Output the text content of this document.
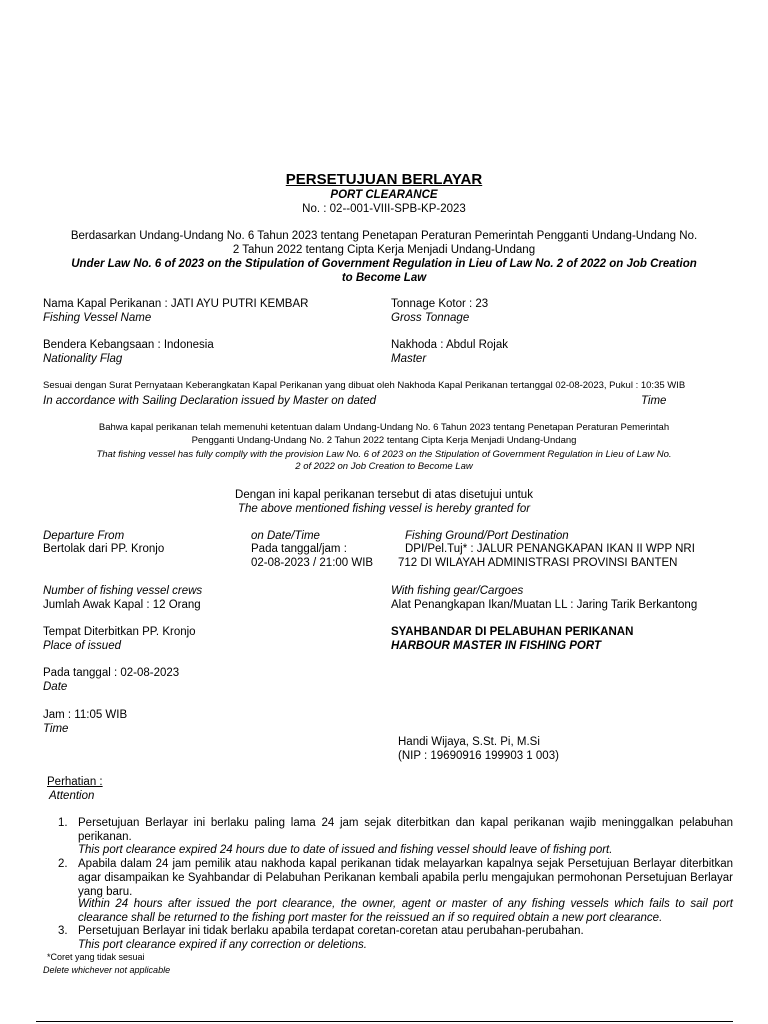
PERSETUJUAN BERLAYAR
PORT CLEARANCE
No. : 02--001-VIII-SPB-KP-2023
Berdasarkan Undang-Undang No. 6 Tahun 2023 tentang Penetapan Peraturan Pemerintah Pengganti Undang-Undang No.
2 Tahun 2022 tentang Cipta Kerja Menjadi Undang-Undang
Under Law No. 6 of 2023 on the Stipulation of Government Regulation in Lieu of Law No. 2 of 2022 on Job Creation
to Become Law
Nama Kapal Perikanan : JATI AYU PUTRI KEMBAR
Fishing Vessel Name
Tonnage Kotor : 23
Gross Tonnage
Bendera Kebangsaan : Indonesia
Nationality Flag
Nakhoda : Abdul Rojak
Master
Sesuai dengan Surat Pernyataan Keberangkatan Kapal Perikanan yang dibuat oleh Nakhoda Kapal Perikanan tertanggal 02-08-2023, Pukul : 10:35 WIB
In accordance with Sailing Declaration issued by Master on dated	Time
Bahwa kapal perikanan telah memenuhi ketentuan dalam Undang-Undang No. 6 Tahun 2023 tentang Penetapan Peraturan Pemerintah
Pengganti Undang-Undang No. 2 Tahun 2022 tentang Cipta Kerja Menjadi Undang-Undang
That fishing vessel has fully complly with the provision Law No. 6 of 2023 on the Stipulation of Government Regulation in Lieu of Law No.
2 of 2022 on Job Creation to Become Law
Dengan ini kapal perikanan tersebut di atas disetujui untuk
The above mentioned fishing vessel is hereby granted for
Departure From
Bertolak dari PP. Kronjo
on Date/Time
Pada tanggal/jam :
02-08-2023 / 21:00 WIB
Fishing Ground/Port Destination
DPI/Pel.Tuj* : JALUR PENANGKAPAN IKAN II WPP NRI
712 DI WILAYAH ADMINISTRASI PROVINSI BANTEN
Number of fishing vessel crews
Jumlah Awak Kapal : 12 Orang
With fishing gear/Cargoes
Alat Penangkapan Ikan/Muatan LL : Jaring Tarik Berkantong
Tempat Diterbitkan PP. Kronjo
Place of issued
SYAHBANDAR DI PELABUHAN PERIKANAN
HARBOUR MASTER IN FISHING PORT
Pada tanggal : 02-08-2023
Date
Jam : 11:05 WIB
Time
Handi Wijaya, S.St. Pi, M.Si
(NIP : 19690916 199903 1 003)
Perhatian :
Attention
1. Persetujuan Berlayar ini berlaku paling lama 24 jam sejak diterbitkan dan kapal perikanan wajib meninggalkan pelabuhan perikanan.
This port clearance expired 24 hours due to date of issued and fishing vessel should leave of fishing port.
2. Apabila dalam 24 jam pemilik atau nakhoda kapal perikanan tidak melayarkan kapalnya sejak Persetujuan Berlayar diterbitkan agar disampaikan ke Syahbandar di Pelabuhan Perikanan kembali apabila perlu mengajukan permohonan Persetujuan Berlayar yang baru.
Within 24 hours after issued the port clearance, the owner, agent or master of any fishing vessels which fails to sail port clearance shall be returned to the fishing port master for the reissued an if so required obtain a new port clearance.
3. Persetujuan Berlayar ini tidak berlaku apabila terdapat coretan-coretan atau perubahan-perubahan.
This port clearance expired if any correction or deletions.
*Coret yang tidak sesuai
Delete whichever not applicable
